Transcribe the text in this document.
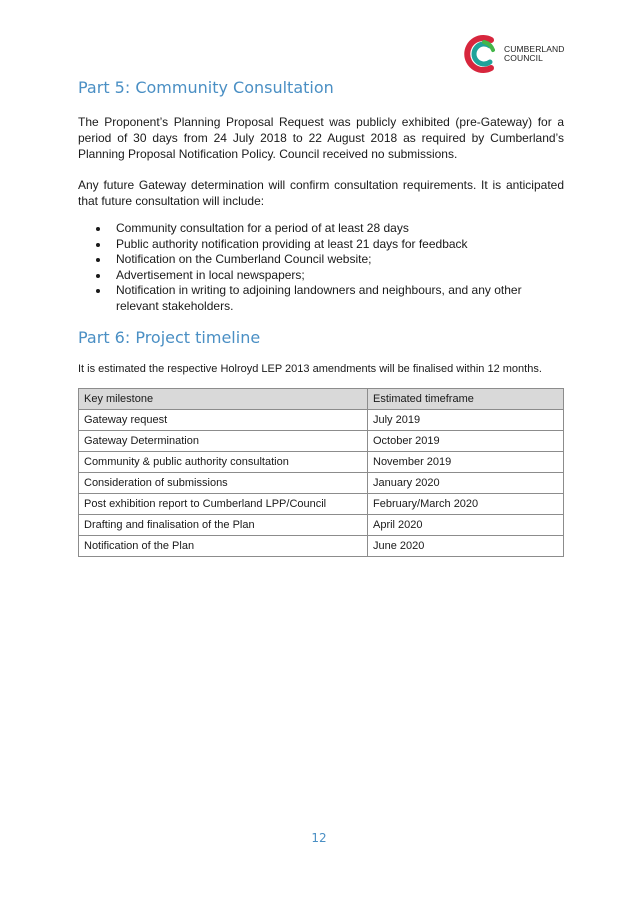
CUMBERLAND
COUNCIL
Part 5: Community Consultation

The Proponent’s Planning Proposal Request was publicly exhibited (pre-Gateway) for a period of 30 days from 24 July 2018 to 22 August 2018 as required by Cumberland’s Planning Proposal Notification Policy. Council received no submissions.

Any future Gateway determination will confirm consultation requirements. It is anticipated that future consultation will include:

Community consultation for a period of at least 28 days
Public authority notification providing at least 21 days for feedback
Notification on the Cumberland Council website;
Advertisement in local newspapers;
Notification in writing to adjoining landowners and neighbours, and any other relevant stakeholders.
Part 6: Project timeline

It is estimated the respective Holroyd LEP 2013 amendments will be finalised within 12 months.

Key milestone	Estimated timeframe
Gateway request	July 2019
Gateway Determination	October 2019
Community & public authority consultation	November 2019
Consideration of submissions	January 2020
Post exhibition report to Cumberland LPP/Council	February/March 2020
Drafting and finalisation of the Plan	April 2020
Notification of the Plan	June 2020
12
